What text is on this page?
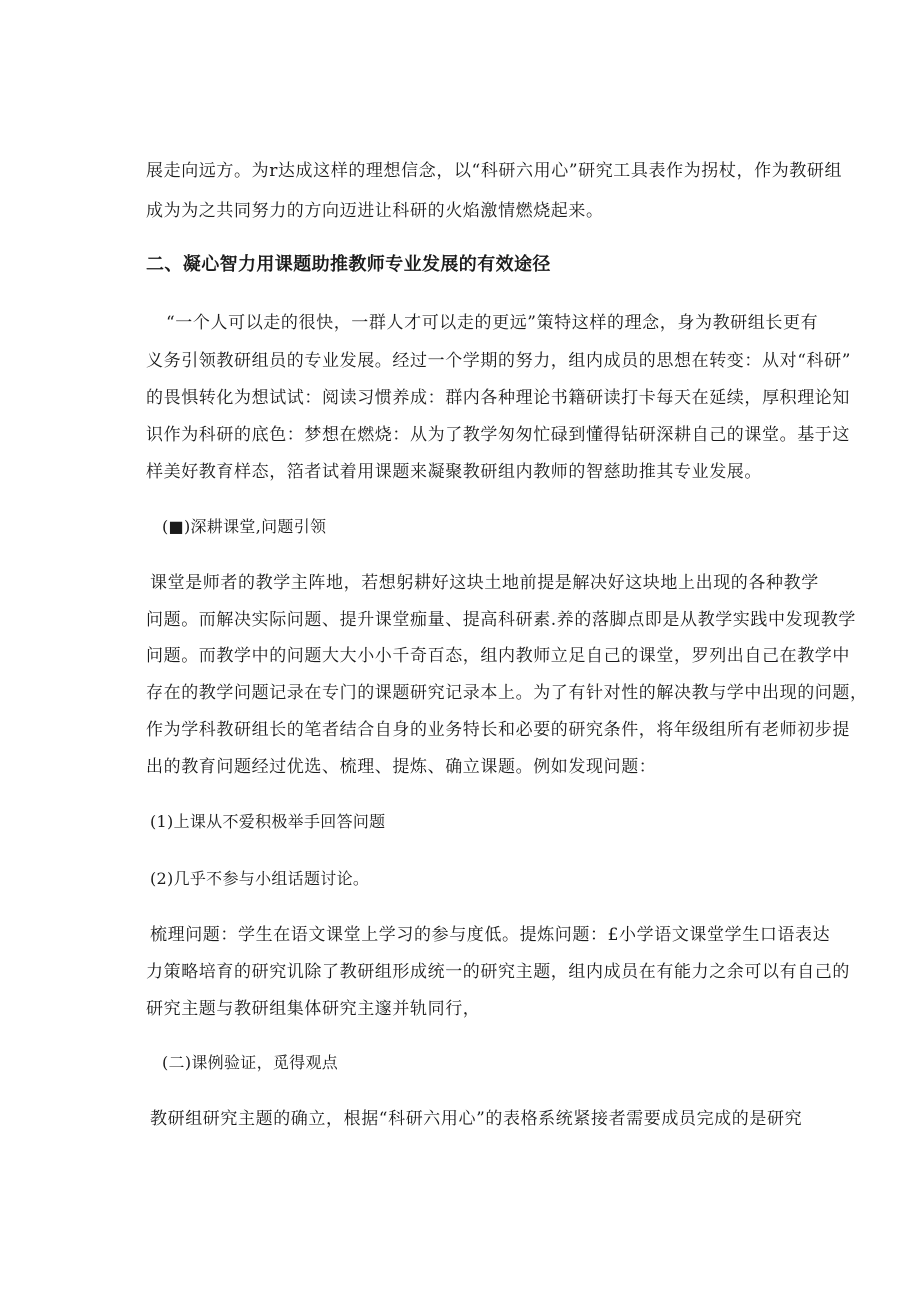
展走向远方。为r达成这样的理想信念，以“科研六用心”研究工具表作为拐杖，作为教研组
成为为之共同努力的方向迈进让科研的火焰激情燃烧起来。
二、凝心智力用课题助推教师专业发展的有效途径
“一个人可以走的很快，一群人才可以走的更远”策特这样的理念，身为教研组长更有
义务引领教研组员的专业发展。经过一个学期的努力，组内成员的思想在转变：从对“科研”
的畏惧转化为想试试：阅读习惯养成：群内各种理论书籍研读打卡每天在延续，厚积理论知
识作为科研的底色：梦想在燃烧：从为了教学匆匆忙碌到懂得钻研深耕自己的课堂。基于这
样美好教育样态，箔者试着用课题来凝聚教研组内教师的智慈助推其专业发展。
(■)深耕课堂,问题引领
课堂是师者的教学主阵地，若想躬耕好这块土地前提是解决好这块地上出现的各种教学
问题。而解决实际问题、提升课堂痂量、提高科研素.养的落脚点即是从教学实践中发现教学
问题。而教学中的问题大大小小千奇百态，组内教师立足自己的课堂，罗列出自己在教学中
存在的教学问题记录在专门的课题研究记录本上。为了有针对性的解决教与学中出现的问题，
作为学科教研组长的笔者结合自身的业务特长和必要的研究条件，将年级组所有老师初步提
出的教育问题经过优选、梳理、提炼、确立课题。例如发现问题：
(1)上课从不爱积极举手回答问题
(2)几乎不参与小组话题讨论。
梳理问题：学生在语文课堂上学习的参与度低。提炼问题：£小学语文课堂学生口语表达
力策略培育的研究讥除了教研组形成统一的研究主题，组内成员在有能力之余可以有自己的
研究主题与教研组集体研究主邃并轨同行，
(二)课例验证，觅得观点
教研组研究主题的确立，根据“科研六用心”的表格系统紧接者需要成员完成的是研究
